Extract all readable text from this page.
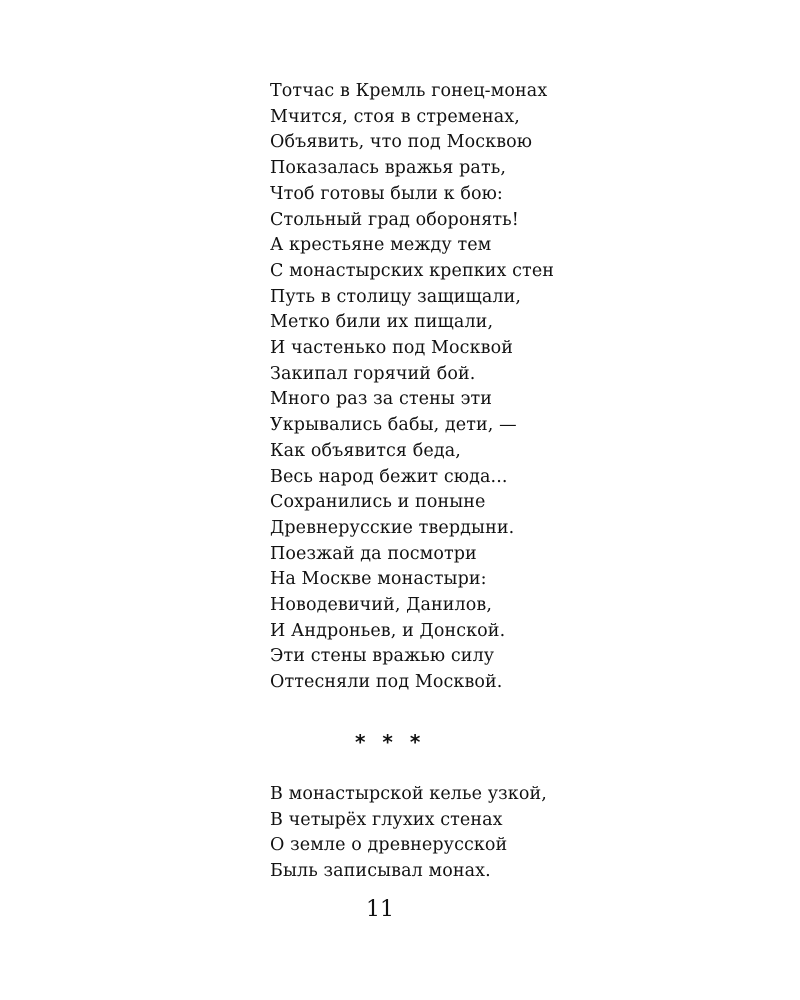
Тотчас в Кремль гонец-монах
Мчится, стоя в стременах,
Объявить, что под Москвою
Показалась вражья рать,
Чтоб готовы были к бою:
Стольный град оборонять!
А крестьяне между тем
С монастырских крепких стен
Путь в столицу защищали,
Метко били их пищали,
И частенько под Москвой
Закипал горячий бой.
Много раз за стены эти
Укрывались бабы, дети, —
Как объявится беда,
Весь народ бежит сюда...
Сохранились и поныне
Древнерусские твердыни.
Поезжай да посмотри
На Москве монастыри:
Новодевичий, Данилов,
И Андроньев, и Донской.
Эти стены вражью силу
Оттесняли под Москвой.
* * *
В монастырской келье узкой,
В четырёх глухих стенах
О земле о древнерусской
Быль записывал монах.
11
